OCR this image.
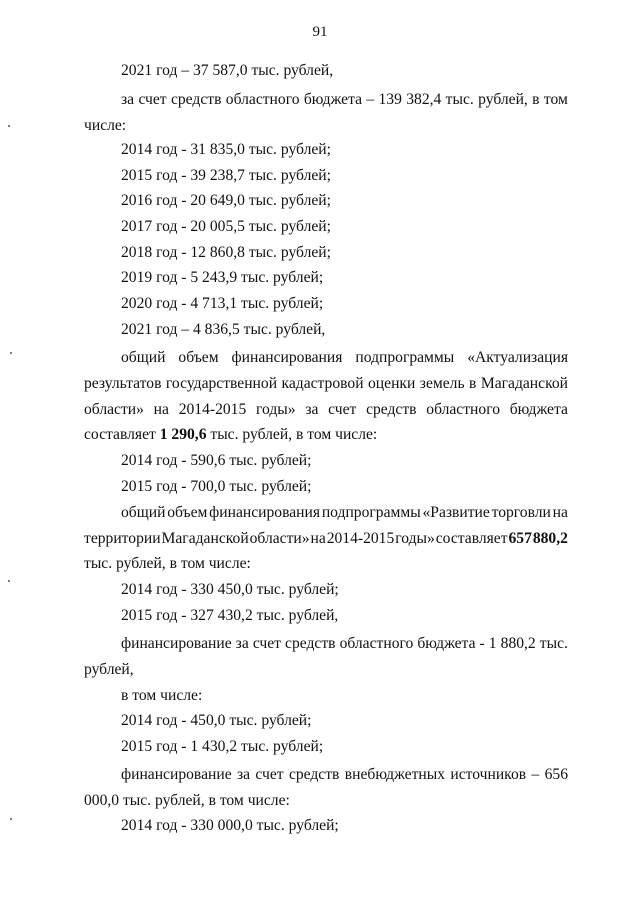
91
2021 год – 37 587,0 тыс. рублей,
за счет средств областного бюджета – 139 382,4 тыс. рублей, в том
числе:
2014 год - 31 835,0 тыс. рублей;
2015 год - 39 238,7 тыс. рублей;
2016 год - 20 649,0 тыс. рублей;
2017 год - 20 005,5 тыс. рублей;
2018 год - 12 860,8 тыс. рублей;
2019 год - 5 243,9 тыс. рублей;
2020 год - 4 713,1 тыс. рублей;
2021 год – 4 836,5 тыс. рублей,
общий объем финансирования подпрограммы «Актуализация
результатов государственной кадастровой оценки земель в Магаданской
области» на 2014-2015 годы» за счет средств областного бюджета
составляет 1 290,6 тыс. рублей, в том числе:
2014 год - 590,6 тыс. рублей;
2015 год - 700,0 тыс. рублей;
общий объем финансирования подпрограммы «Развитие торговли на
территории Магаданской области» на 2014-2015 годы» составляет 657 880,2
тыс. рублей, в том числе:
2014 год - 330 450,0 тыс. рублей;
2015 год - 327 430,2 тыс. рублей,
финансирование за счет средств областного бюджета - 1 880,2 тыс.
рублей,
в том числе:
2014 год - 450,0 тыс. рублей;
2015 год - 1 430,2 тыс. рублей;
финансирование за счет средств внебюджетных источников – 656
000,0 тыс. рублей, в том числе:
2014 год - 330 000,0 тыс. рублей;
